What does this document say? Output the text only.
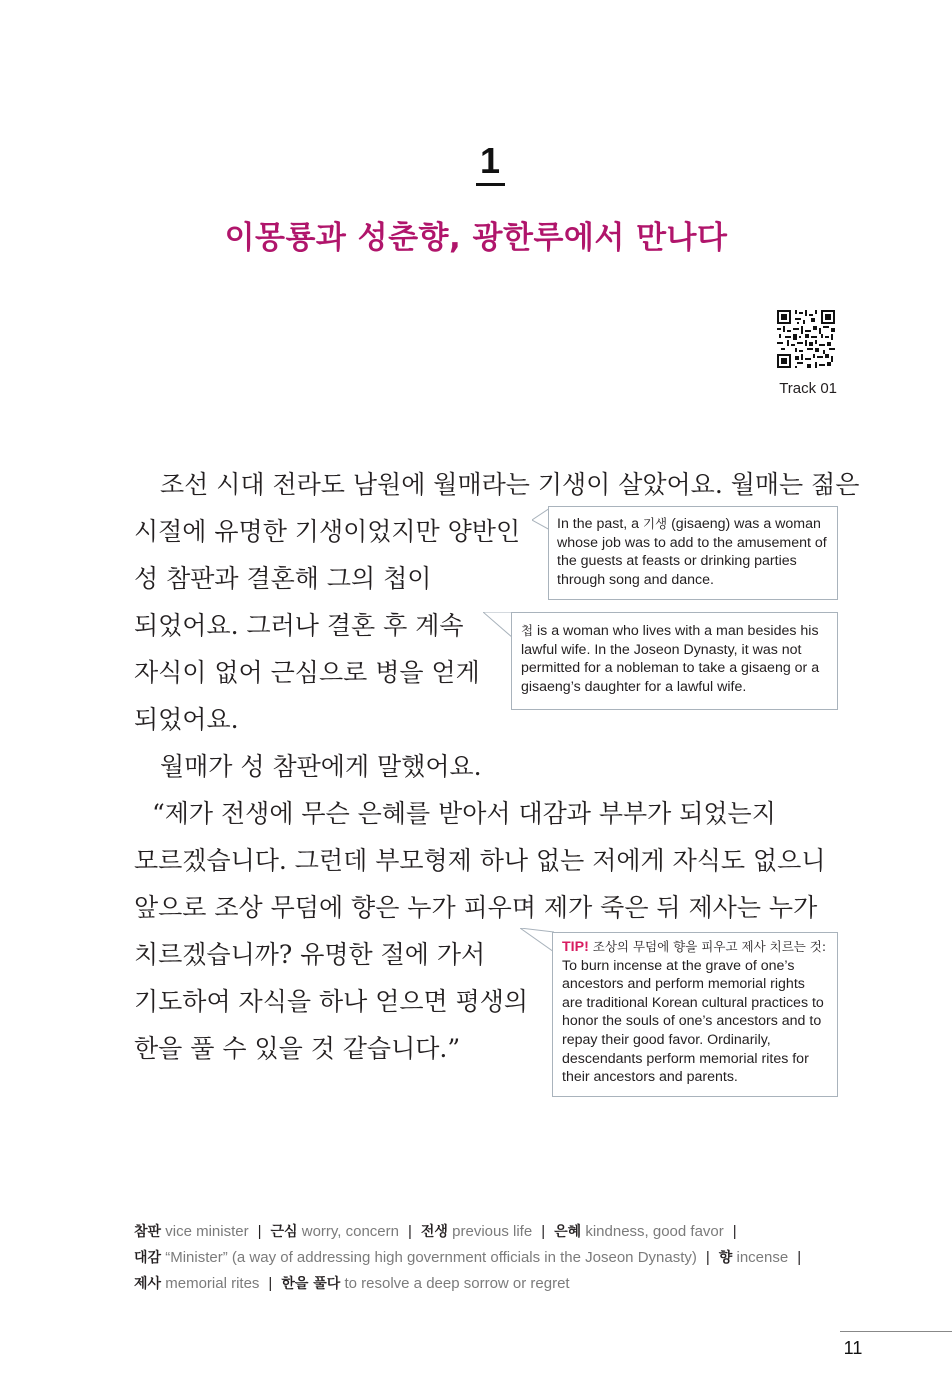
1
이몽룡과 성춘향, 광한루에서 만나다
Track 01
조선 시대 전라도 남원에 월매라는 기생이 살았어요. 월매는 젊은
시절에 유명한 기생이었지만 양반인
성 참판과 결혼해 그의 첩이
되었어요. 그러나 결혼 후 계속
자식이 없어 근심으로 병을 얻게
되었어요.
월매가 성 참판에게 말했어요.
“제가 전생에 무슨 은혜를 받아서 대감과 부부가 되었는지
모르겠습니다. 그런데 부모형제 하나 없는 저에게 자식도 없으니
앞으로 조상 무덤에 향은 누가 피우며 제가 죽은 뒤 제사는 누가
치르겠습니까? 유명한 절에 가서
기도하여 자식을 하나 얻으면 평생의
한을 풀 수 있을 것 같습니다.”
In the past, a 기생 (gisaeng) was a woman whose job was to add to the amusement of the guests at feasts or drinking parties through song and dance.
첩 is a woman who lives with a man besides his lawful wife. In the Joseon Dynasty, it was not permitted for a nobleman to take a gisaeng or a gisaeng’s daughter for a lawful wife.
TIP! 조상의 무덤에 향을 피우고 제사 치르는 것:
To burn incense at the grave of one’s ancestors and perform memorial rights are traditional Korean cultural practices to honor the souls of one’s ancestors and to repay their good favor. Ordinarily, descendants perform memorial rites for their ancestors and parents.
참판 vice minister | 근심 worry, concern | 전생 previous life | 은혜 kindness, good favor |
대감 “Minister” (a way of addressing high government officials in the Joseon Dynasty) | 향 incense |
제사 memorial rites | 한을 풀다 to resolve a deep sorrow or regret
11
